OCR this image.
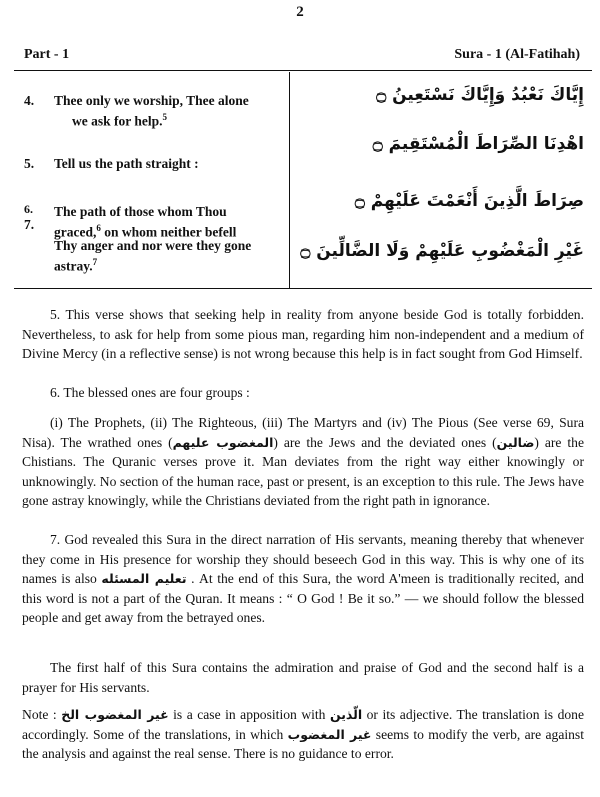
2
Part - 1	Sura - 1 (Al-Fatihah)
4. Thee only we worship, Thee alone
we ask for help.$^5$
5. Tell us the path straight :
6.
7.
The path of those whom Thou
graced,$^6$ on whom neither befell
Thy anger and nor were they gone
astray.$^7$
إِيَّاكَ نَعْبُدُ وَإِيَّاكَ نَسْتَعِينُ ۝
اهْدِنَا الصِّرَاطَ الْمُسْتَقِيمَ ۝
صِرَاطَ الَّذِينَ أَنْعَمْتَ عَلَيْهِمْ ۝
غَيْرِ الْمَغْضُوبِ عَلَيْهِمْ وَلَا الضَّالِّينَ ۝

5. This verse shows that seeking help in reality from anyone beside God is totally forbidden. Nevertheless, to ask for help from some pious man, regarding him non-independent and a medium of Divine Mercy (in a reflective sense) is not wrong because this help is in fact sought from God Himself.

6. The blessed ones are four groups :

(i) The Prophets, (ii) The Righteous, (iii) The Martyrs and (iv) The Pious (See verse 69, Sura Nisa). The wrathed ones (المغضوب عليهم) are the Jews and the deviated ones (ضالين) are the Chistians. The Quranic verses prove it. Man deviates from the right way either knowingly or unknowingly. No section of the human race, past or present, is an exception to this rule. The Jews have gone astray knowingly, while the Christians deviated from the right path in ignorance.

7. God revealed this Sura in the direct narration of His servants, meaning thereby that whenever they come in His presence for worship they should beseech God in this way. This is why one of its names is also تعليم المسئله . At the end of this Sura, the word A'meen is traditionally recited, and this word is not a part of the Quran. It means : “ O God ! Be it so.” — we should follow the blessed people and get away from the betrayed ones.

The first half of this Sura contains the admiration and praise of God and the second half is a prayer for His servants.

Note : غير المغضوب الخ is a case in apposition with الّذين or its adjective. The translation is done accordingly. Some of the translations, in which غير المغضوب seems to modify the verb, are against the analysis and against the real sense. There is no guidance to error.
